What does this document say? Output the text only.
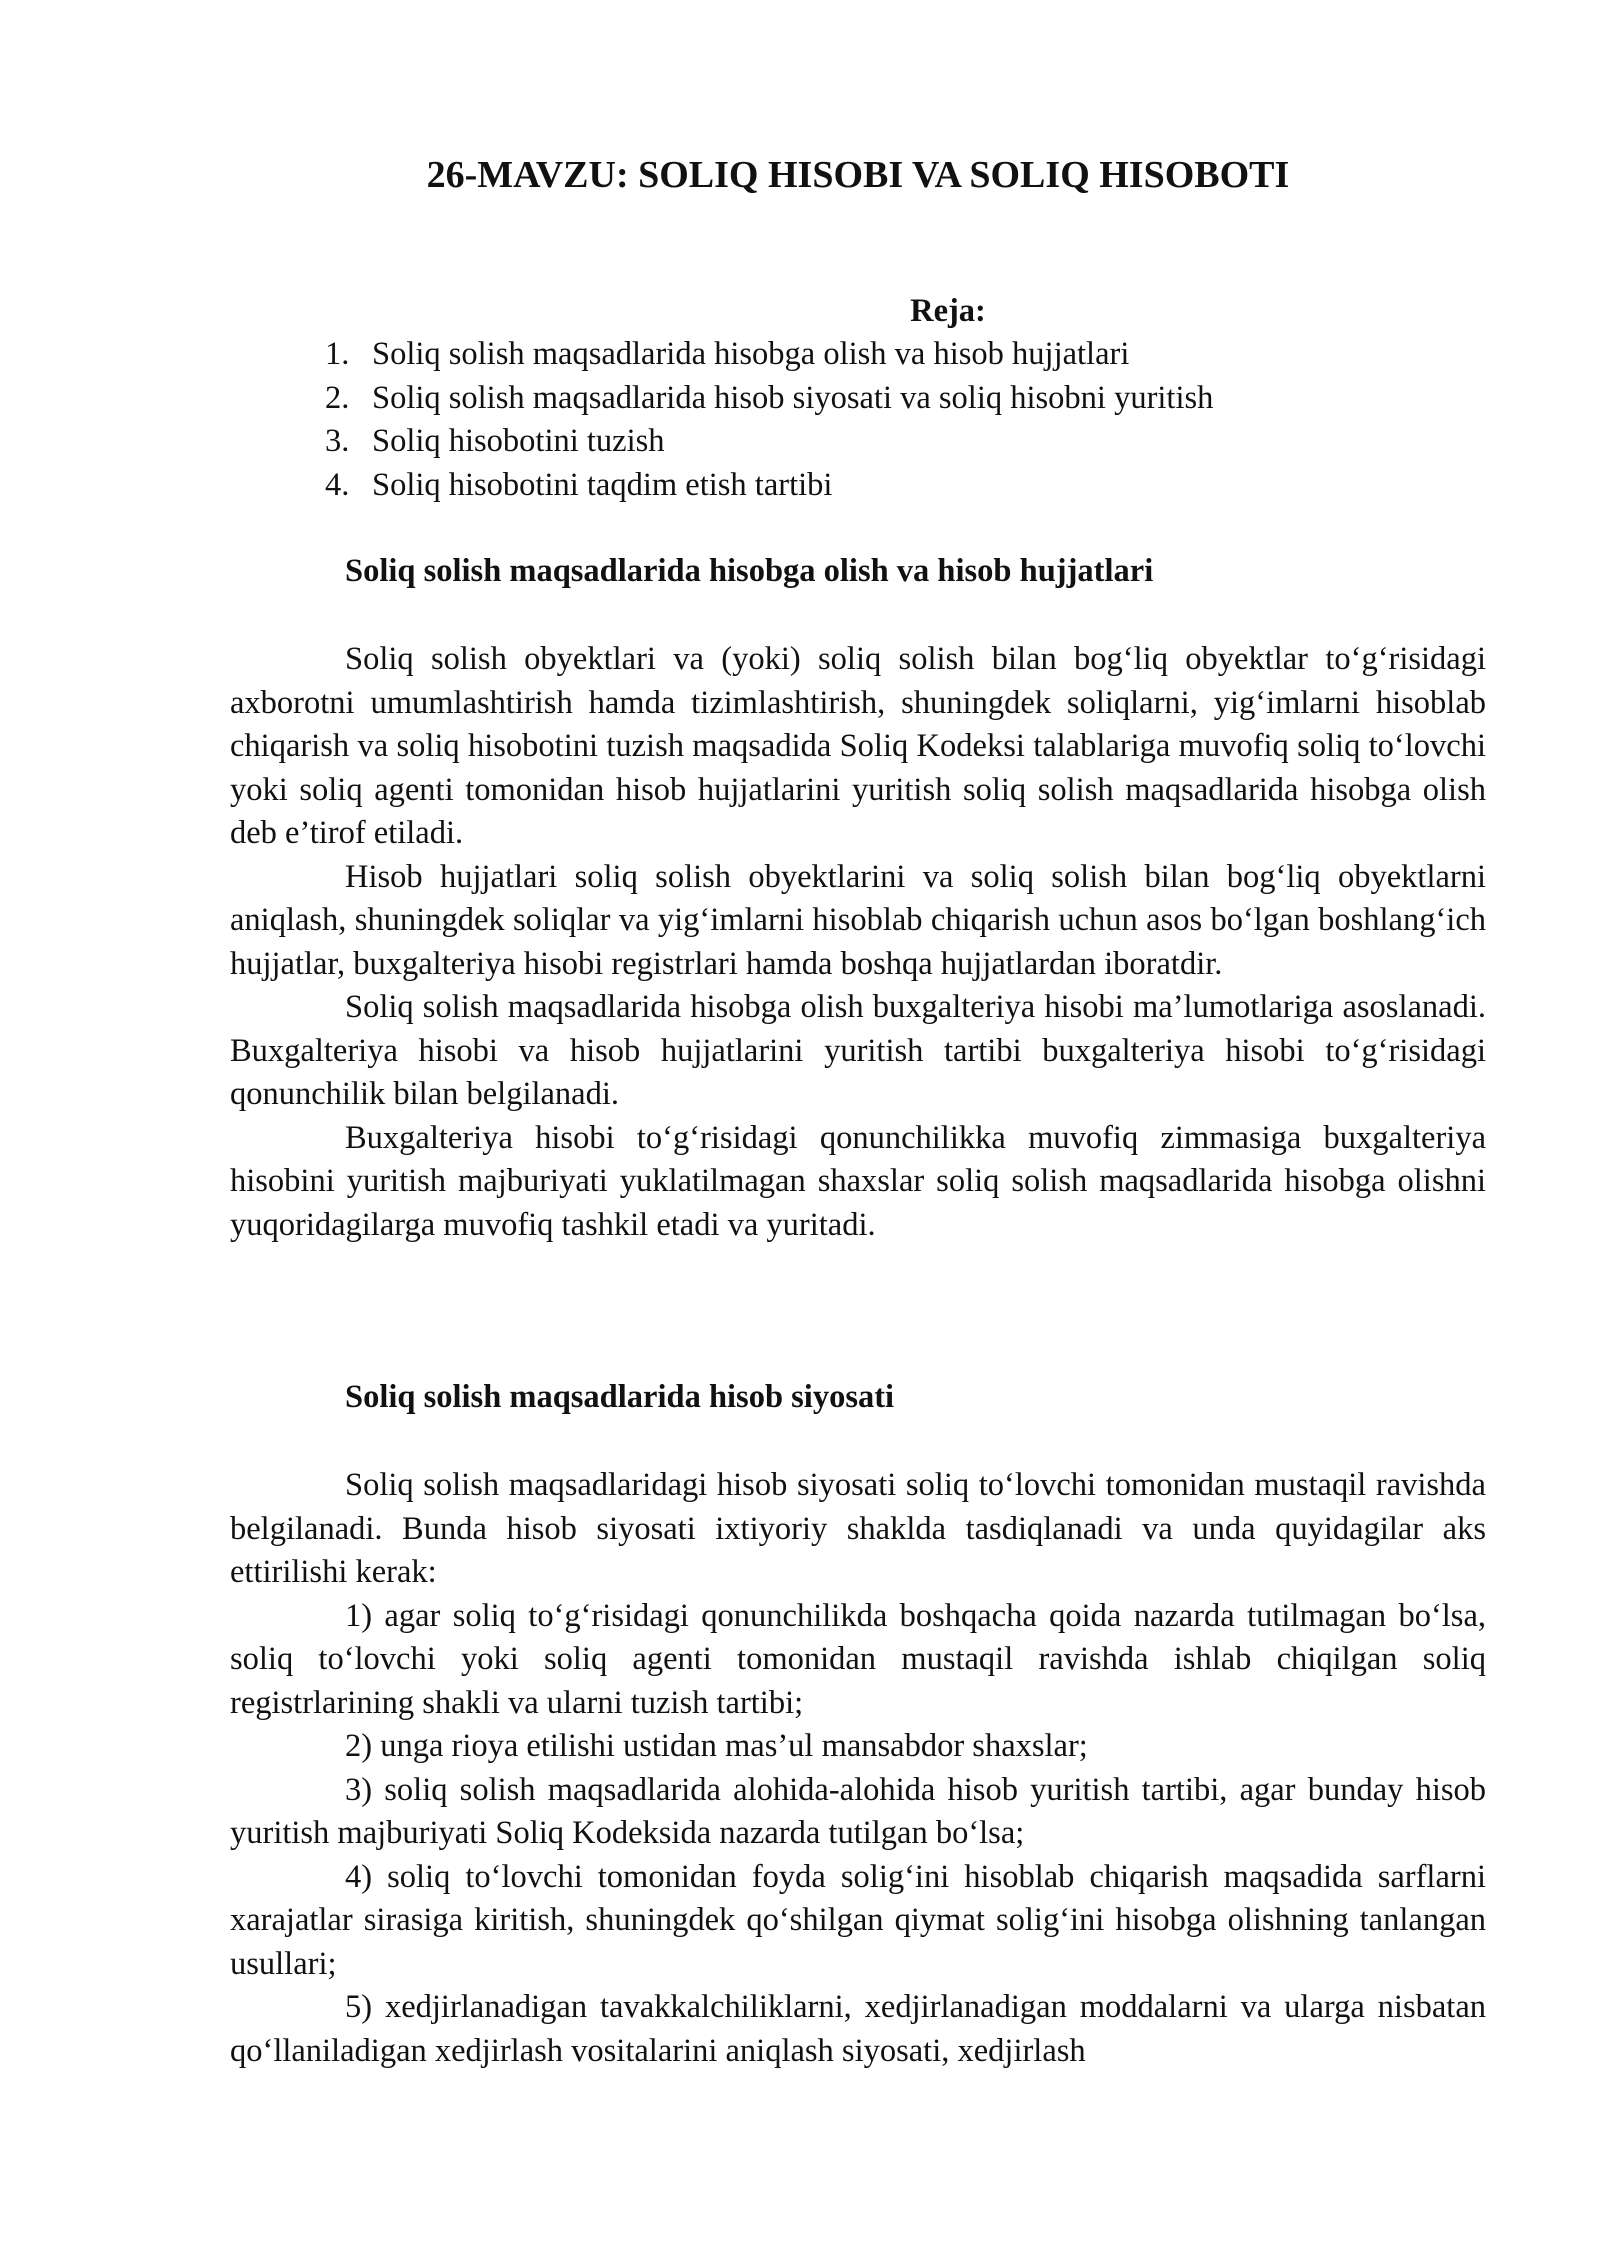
26-MAVZU: SOLIQ HISOBI VA SOLIQ HISOBOTI
Reja:
1. Soliq solish maqsadlarida hisobga olish va hisob hujjatlari
2. Soliq solish maqsadlarida hisob siyosati va soliq hisobni yuritish
3. Soliq hisobotini tuzish
4. Soliq hisobotini taqdim etish tartibi
Soliq solish maqsadlarida hisobga olish va hisob hujjatlari

Soliq solish obyektlari va (yoki) soliq solish bilan bog‘liq obyektlar to‘g‘risidagi axborotni umumlashtirish hamda tizimlashtirish, shuningdek soliqlarni, yig‘imlarni hisoblab chiqarish va soliq hisobotini tuzish maqsadida Soliq Kodeksi talablariga muvofiq soliq to‘lovchi yoki soliq agenti tomonidan hisob hujjatlarini yuritish soliq solish maqsadlarida hisobga olish deb e’tirof etiladi.

Hisob hujjatlari soliq solish obyektlarini va soliq solish bilan bog‘liq obyektlarni aniqlash, shuningdek soliqlar va yig‘imlarni hisoblab chiqarish uchun asos bo‘lgan boshlang‘ich hujjatlar, buxgalteriya hisobi registrlari hamda boshqa hujjatlardan iboratdir.

Soliq solish maqsadlarida hisobga olish buxgalteriya hisobi ma’lumotlariga asoslanadi. Buxgalteriya hisobi va hisob hujjatlarini yuritish tartibi buxgalteriya hisobi to‘g‘risidagi qonunchilik bilan belgilanadi.

Buxgalteriya hisobi to‘g‘risidagi qonunchilikka muvofiq zimmasiga buxgalteriya hisobini yuritish majburiyati yuklatilmagan shaxslar soliq solish maqsadlarida hisobga olishni yuqoridagilarga muvofiq tashkil etadi va yuritadi.

Soliq solish maqsadlarida hisob siyosati

Soliq solish maqsadlaridagi hisob siyosati soliq to‘lovchi tomonidan mustaqil ravishda belgilanadi. Bunda hisob siyosati ixtiyoriy shaklda tasdiqlanadi va unda quyidagilar aks ettirilishi kerak:

1) agar soliq to‘g‘risidagi qonunchilikda boshqacha qoida nazarda tutilmagan bo‘lsa, soliq to‘lovchi yoki soliq agenti tomonidan mustaqil ravishda ishlab chiqilgan soliq registrlarining shakli va ularni tuzish tartibi;

2) unga rioya etilishi ustidan mas’ul mansabdor shaxslar;

3) soliq solish maqsadlarida alohida-alohida hisob yuritish tartibi, agar bunday hisob yuritish majburiyati Soliq Kodeksida nazarda tutilgan bo‘lsa;

4) soliq to‘lovchi tomonidan foyda solig‘ini hisoblab chiqarish maqsadida sarflarni xarajatlar sirasiga kiritish, shuningdek qo‘shilgan qiymat solig‘ini hisobga olishning tanlangan usullari;

5) xedjirlanadigan tavakkalchiliklarni, xedjirlanadigan moddalarni va ularga nisbatan qo‘llaniladigan xedjirlash vositalarini aniqlash siyosati, xedjirlash
